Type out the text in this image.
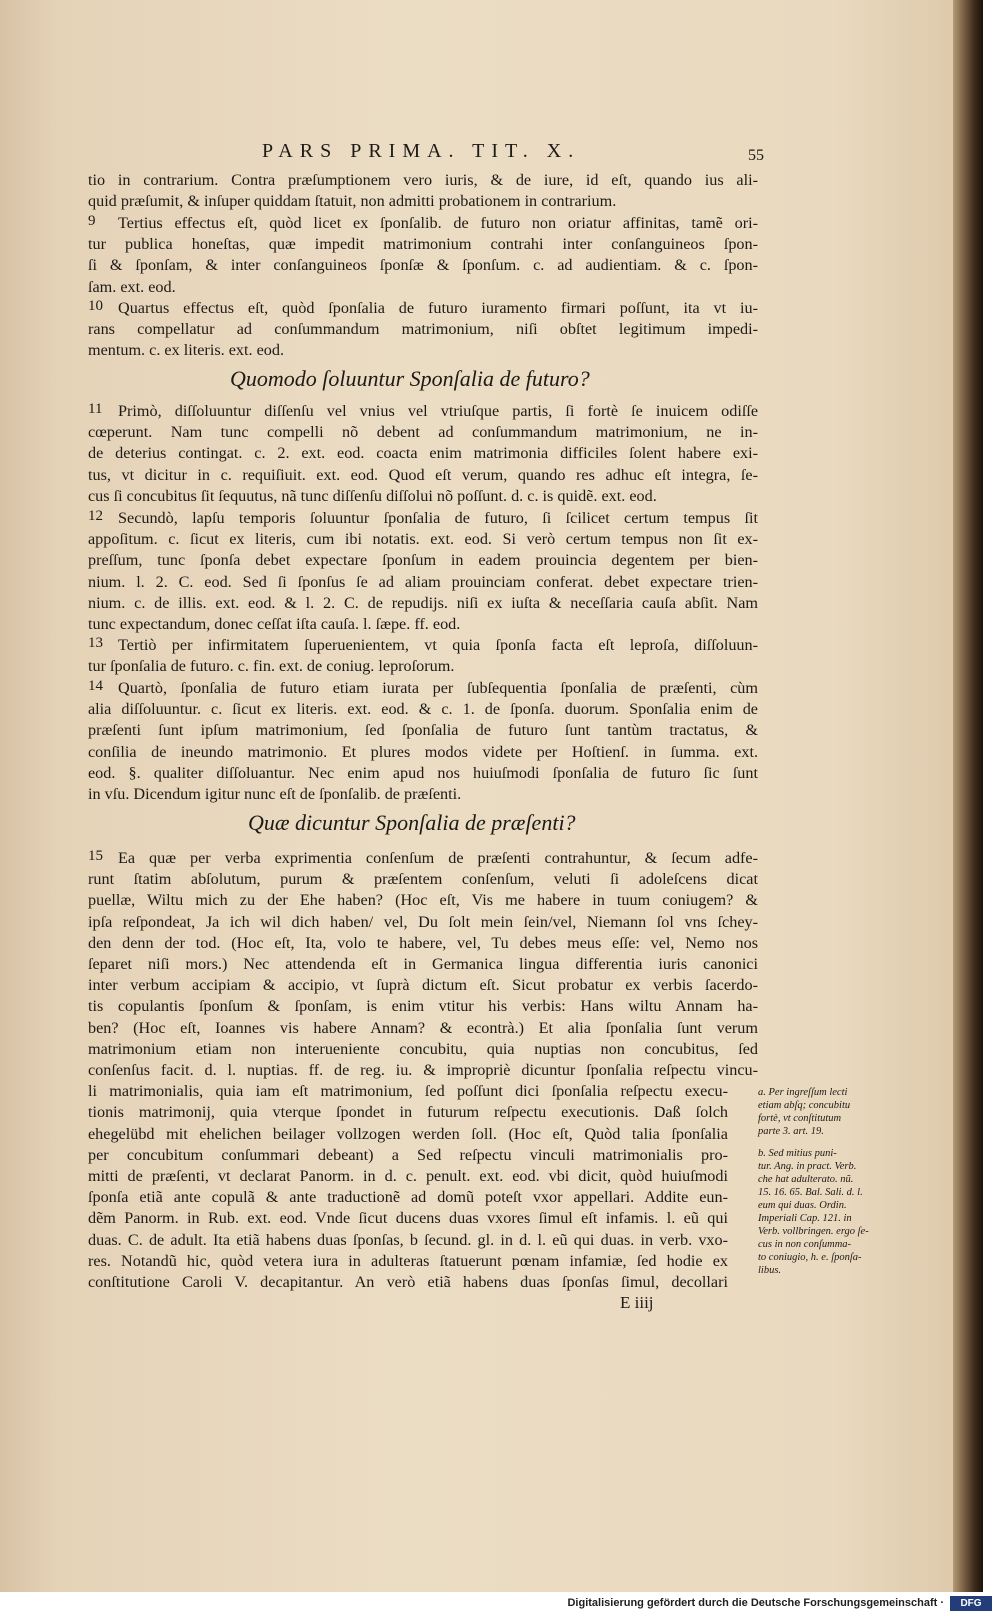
PARS PRIMA. TIT. X.	55
tio in contrarium. Contra præſumptionem vero iuris, & de iure, id eſt, quando ius ali-
quid præſumit, & inſuper quiddam ſtatuit, non admitti probationem in contrarium.
9	Tertius effectus eſt, quòd licet ex ſponſalib. de futuro non oriatur affinitas, tamẽ ori-
tur publica honeſtas, quæ impedit matrimonium contrahi inter conſanguineos ſpon-
ſi & ſponſam, & inter conſanguineos ſponſæ & ſponſum. c. ad audientiam. & c. ſpon-
ſam. ext. eod.
10 Quartus effectus eſt, quòd ſponſalia de futuro iuramento firmari poſſunt, ita vt iu-
rans compellatur ad conſummandum matrimonium, niſi obſtet legitimum impedi-
mentum. c. ex literis. ext. eod.
Quomodo ſoluuntur Sponſalia de futuro?
11 Primò, diſſoluuntur diſſenſu vel vnius vel vtriuſque partis, ſi fortè ſe inuicem odiſſe
cœperunt. Nam tunc compelli nõ debent ad conſummandum matrimonium, ne in-
de deterius contingat. c. 2. ext. eod. coacta enim matrimonia difficiles ſolent habere exi-
tus, vt dicitur in c. requiſiuit. ext. eod. Quod eſt verum, quando res adhuc eſt integra, ſe-
cus ſi concubitus ſit ſequutus, nã tunc diſſenſu diſſolui nõ poſſunt. d. c. is quidẽ. ext. eod.
12 Secundò, lapſu temporis ſoluuntur ſponſalia de futuro, ſi ſcilicet certum tempus ſit
appoſitum. c. ſicut ex literis, cum ibi notatis. ext. eod. Si verò certum tempus non ſit ex-
preſſum, tunc ſponſa debet expectare ſponſum in eadem prouincia degentem per bien-
nium. l. 2. C. eod. Sed ſi ſponſus ſe ad aliam prouinciam conferat. debet expectare trien-
nium. c. de illis. ext. eod. & l. 2. C. de repudijs. niſi ex iuſta & neceſſaria cauſa abſit. Nam
tunc expectandum, donec ceſſat iſta cauſa. l. ſæpe. ff. eod.
13 Tertiò per infirmitatem ſuperuenientem, vt quia ſponſa facta eſt leproſa, diſſoluun-
tur ſponſalia de futuro. c. fin. ext. de coniug. leproſorum.
14 Quartò, ſponſalia de futuro etiam iurata per ſubſequentia ſponſalia de præſenti, cùm
alia diſſoluuntur. c. ſicut ex literis. ext. eod. & c. 1. de ſponſa. duorum. Sponſalia enim de
præſenti ſunt ipſum matrimonium, ſed ſponſalia de futuro ſunt tantùm tractatus, &
conſilia de ineundo matrimonio. Et plures modos videte per Hoſtienſ. in ſumma. ext.
eod. §. qualiter diſſoluantur. Nec enim apud nos huiuſmodi ſponſalia de futuro ſic ſunt
in vſu. Dicendum igitur nunc eſt de ſponſalib. de præſenti.
Quæ dicuntur Sponſalia de præſenti?
15 Ea quæ per verba exprimentia conſenſum de præſenti contrahuntur, & ſecum adfe-
runt ſtatim abſolutum, purum & præſentem conſenſum, veluti ſi adoleſcens dicat
puellæ, Wiltu mich zu der Ehe haben? (Hoc eſt, Vis me habere in tuum coniugem? &
ipſa reſpondeat, Ja ich wil dich haben/ vel, Du ſolt mein ſein/vel, Niemann ſol vns ſchey-
den denn der tod. (Hoc eſt, Ita, volo te habere, vel, Tu debes meus eſſe: vel, Nemo nos
ſeparet niſi mors.) Nec attendenda eſt in Germanica lingua differentia iuris canonici
inter verbum accipiam & accipio, vt ſuprà dictum eſt. Sicut probatur ex verbis ſacerdo-
tis copulantis ſponſum & ſponſam, is enim vtitur his verbis: Hans wiltu Annam ha-
ben? (Hoc eſt, Ioannes vis habere Annam? & econtrà.) Et alia ſponſalia ſunt verum
matrimonium etiam non interueniente concubitu, quia nuptias non concubitus, ſed
conſenſus facit. d. l. nuptias. ff. de reg. iu. & impropriè dicuntur ſponſalia reſpectu vincu-
li matrimonialis, quia iam eſt matrimonium, ſed poſſunt dici ſponſalia reſpectu execu-
tionis matrimonij, quia vterque ſpondet in futurum reſpectu executionis. Daß ſolch
ehegelübd mit ehelichen beilager vollzogen werden ſoll. (Hoc eſt, Quòd talia ſponſalia
per concubitum conſummari debeant) a Sed reſpectu vinculi matrimonialis pro-
mitti de præſenti, vt declarat Panorm. in d. c. penult. ext. eod. vbi dicit, quòd huiuſmodi
ſponſa etiã ante copulã & ante traductionẽ ad domũ poteſt vxor appellari. Addite eun-
dẽm Panorm. in Rub. ext. eod. Vnde ſicut ducens duas vxores ſimul eſt infamis. l. eũ qui
duas. C. de adult. Ita etiã habens duas ſponſas, b ſecund. gl. in d. l. eũ qui duas. in verb. vxo-
res. Notandũ hic, quòd vetera iura in adulteras ſtatuerunt pœnam infamiæ, ſed hodie ex
conſtitutione Caroli V. decapitantur. An verò etiã habens duas ſponſas ſimul, decollari
E iiij
a. Per ingreſſum lecti
etiam abſq; concubitu
fortè, vt conſtitutum
parte 3. art. 19.
b. Sed mitius puni-
tur. Ang. in pract. Verb.
che hat adulterato. nũ.
15. 16. 65. Bal. Sali. d. l.
eum qui duas. Ordin.
Imperiali Cap. 121. in
Verb. vollbringen. ergo ſe-
cus in non conſumma-
to coniugio, h. e. ſponſa-
libus.
Digitalisierung gefördert durch die Deutsche Forschungsgemeinschaft ·	DFG
